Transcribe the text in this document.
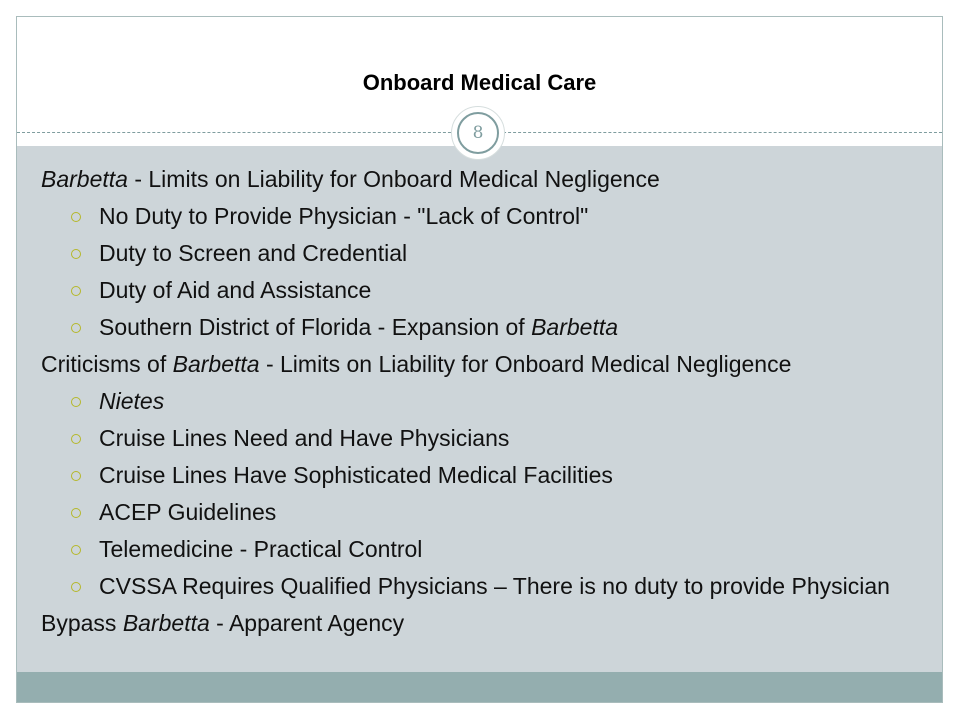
Onboard Medical Care
8
Barbetta - Limits on Liability for Onboard Medical Negligence
No Duty to Provide Physician - "Lack of Control"
Duty to Screen and Credential
Duty of Aid and Assistance
Southern District of Florida - Expansion of Barbetta
Criticisms of Barbetta - Limits on Liability for Onboard Medical Negligence
Nietes
Cruise Lines Need and Have Physicians
Cruise Lines Have Sophisticated Medical Facilities
ACEP Guidelines
Telemedicine - Practical Control
CVSSA Requires Qualified Physicians – There is no duty to provide Physician
Bypass Barbetta - Apparent Agency
